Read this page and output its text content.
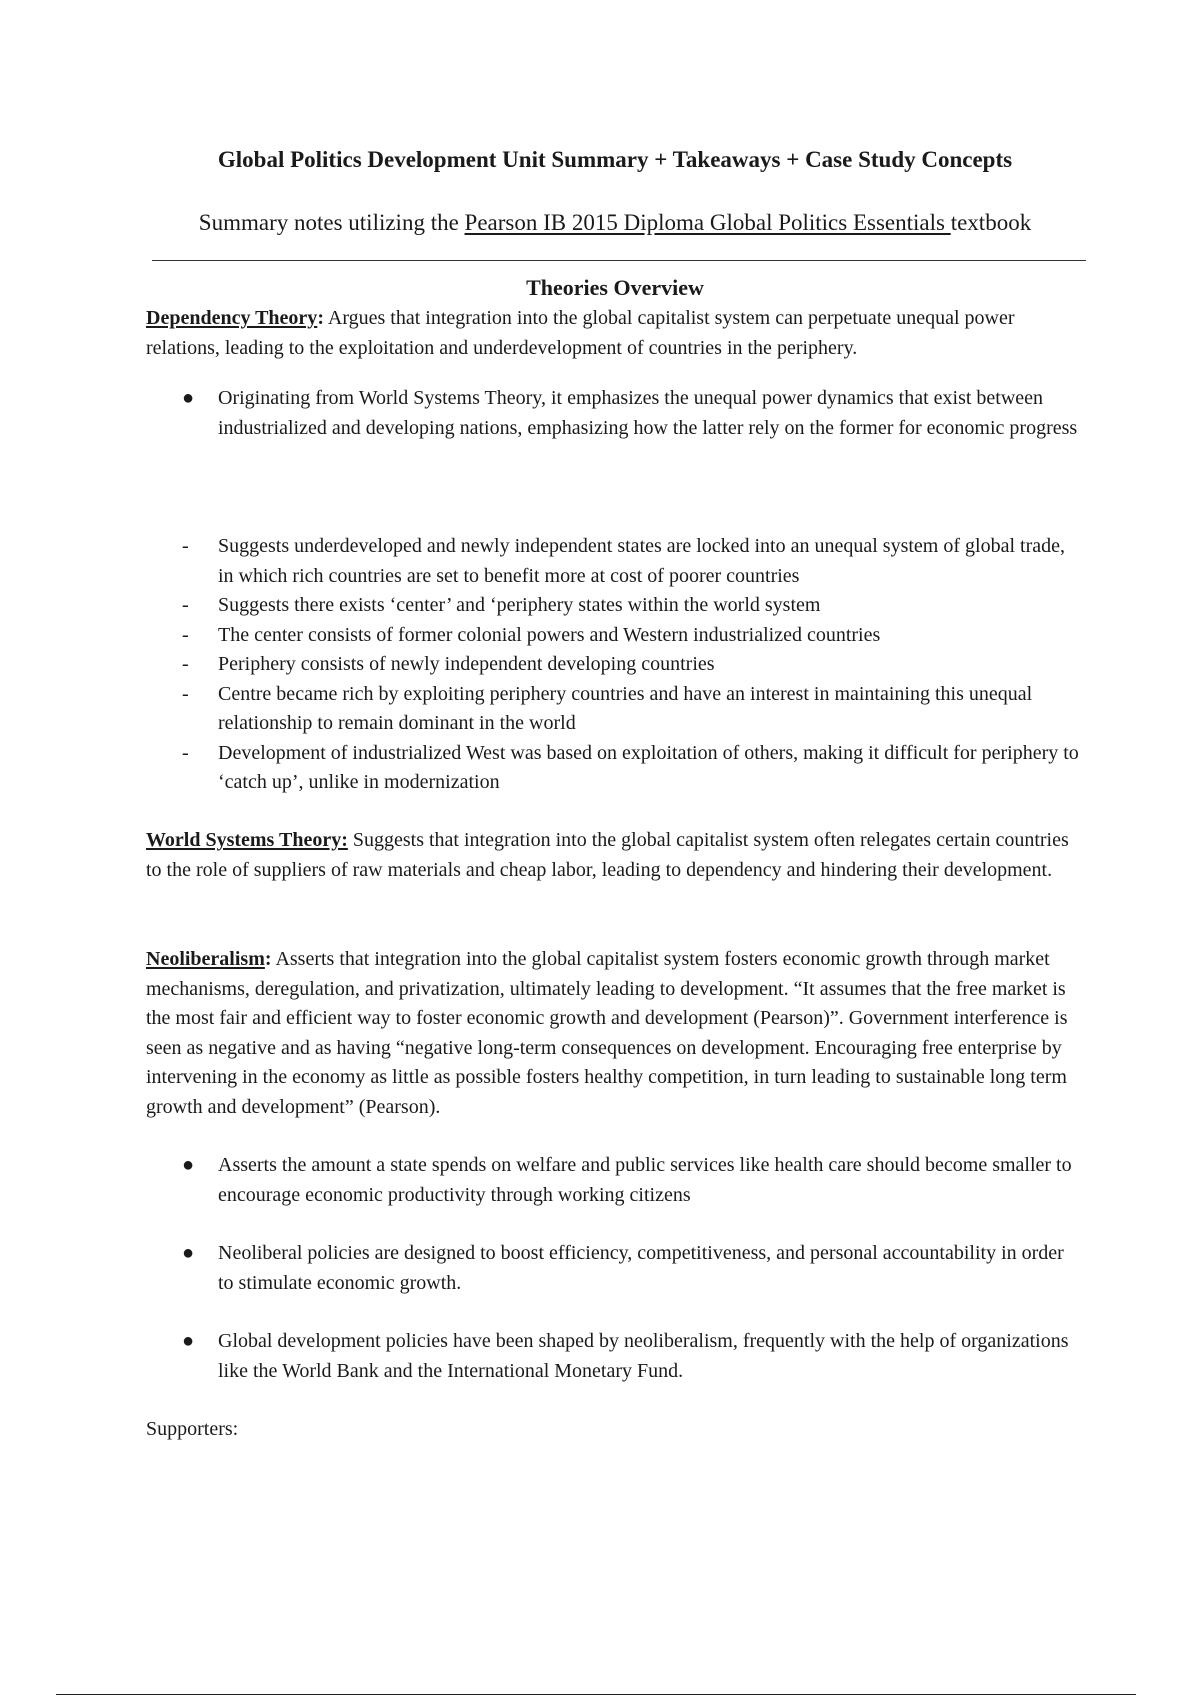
Global Politics Development Unit Summary + Takeaways + Case Study Concepts

Summary notes utilizing the Pearson IB 2015 Diploma Global Politics Essentials textbook

Theories Overview

Dependency Theory: Argues that integration into the global capitalist system can perpetuate unequal power relations, leading to the exploitation and underdevelopment of countries in the periphery.

●	Originating from World Systems Theory, it emphasizes the unequal power dynamics that exist between industrialized and developing nations, emphasizing how the latter rely on the former for economic progress
-	Suggests underdeveloped and newly independent states are locked into an unequal system of global trade, in which rich countries are set to benefit more at cost of poorer countries
-	Suggests there exists ‘center’ and ‘periphery states within the world system
-	The center consists of former colonial powers and Western industrialized countries
-	Periphery consists of newly independent developing countries
-	Centre became rich by exploiting periphery countries and have an interest in maintaining this unequal relationship to remain dominant in the world
-	Development of industrialized West was based on exploitation of others, making it difficult for periphery to ‘catch up’, unlike in modernization

World Systems Theory: Suggests that integration into the global capitalist system often relegates certain countries to the role of suppliers of raw materials and cheap labor, leading to dependency and hindering their development.

Neoliberalism: Asserts that integration into the global capitalist system fosters economic growth through market mechanisms, deregulation, and privatization, ultimately leading to development. “It assumes that the free market is the most fair and efficient way to foster economic growth and development (Pearson)”. Government interference is seen as negative and as having “negative long-term consequences on development. Encouraging free enterprise by intervening in the economy as little as possible fosters healthy competition, in turn leading to sustainable long term growth and development” (Pearson).

●	Asserts the amount a state spends on welfare and public services like health care should become smaller to encourage economic productivity through working citizens
●	Neoliberal policies are designed to boost efficiency, competitiveness, and personal accountability in order to stimulate economic growth.
●	Global development policies have been shaped by neoliberalism, frequently with the help of organizations like the World Bank and the International Monetary Fund.

Supporters:
